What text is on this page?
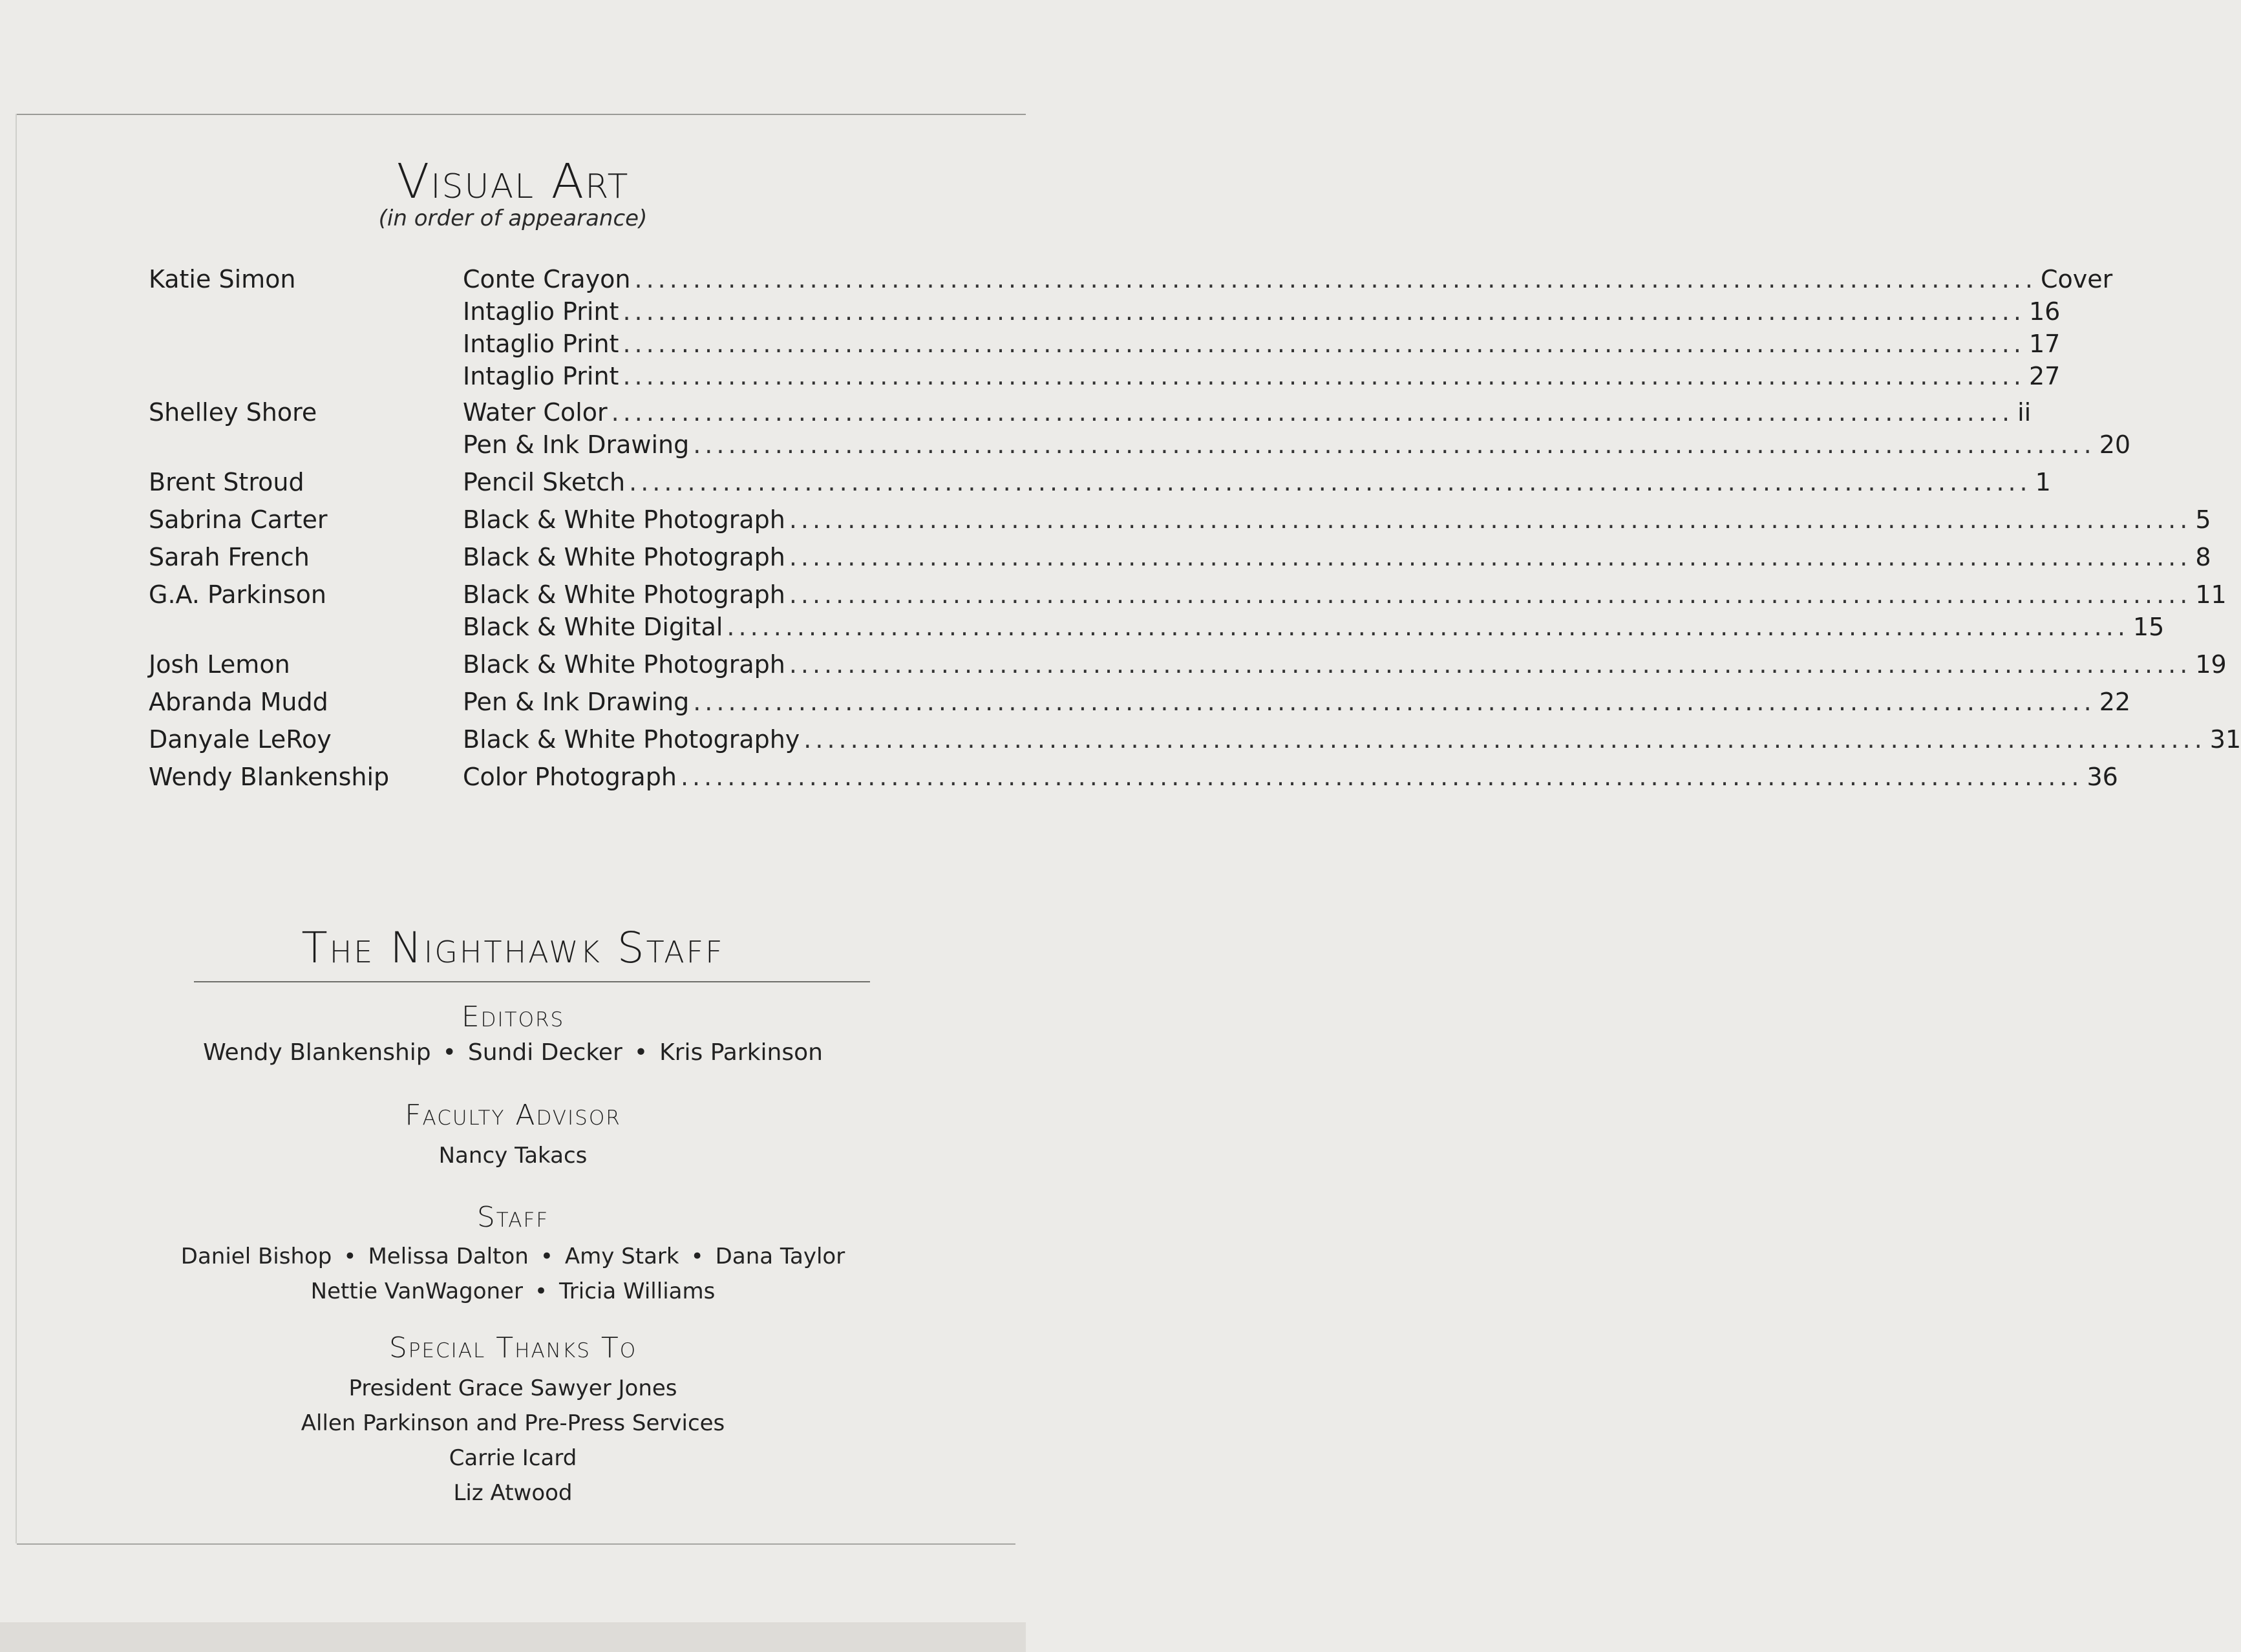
Visual Art
(in order of appearance)
Katie Simon	Conte Crayon ........................................................................................................................ Cover
Intaglio Print ........................................................................................................................ 16
Intaglio Print ........................................................................................................................ 17
Intaglio Print ........................................................................................................................ 27
Shelley Shore	Water Color ........................................................................................................................ ii
Pen & Ink Drawing ........................................................................................................................ 20
Brent Stroud	Pencil Sketch ........................................................................................................................ 1
Sabrina Carter	Black & White Photograph ........................................................................................................................ 5
Sarah French	Black & White Photograph ........................................................................................................................ 8
G.A. Parkinson	Black & White Photograph ........................................................................................................................ 11
Black & White Digital ........................................................................................................................ 15
Josh Lemon	Black & White Photograph ........................................................................................................................ 19
Abranda Mudd	Pen & Ink Drawing ........................................................................................................................ 22
Danyale LeRoy	Black & White Photography ........................................................................................................................ 31
Wendy Blankenship	Color Photograph ........................................................................................................................ 36
The Nighthawk Staff
Editors
Wendy Blankenship • Sundi Decker • Kris Parkinson
Faculty Advisor
Nancy Takacs
Staff
Daniel Bishop • Melissa Dalton • Amy Stark • Dana Taylor
Nettie VanWagoner • Tricia Williams
Special Thanks To
President Grace Sawyer Jones
Allen Parkinson and Pre-Press Services
Carrie Icard
Liz Atwood
